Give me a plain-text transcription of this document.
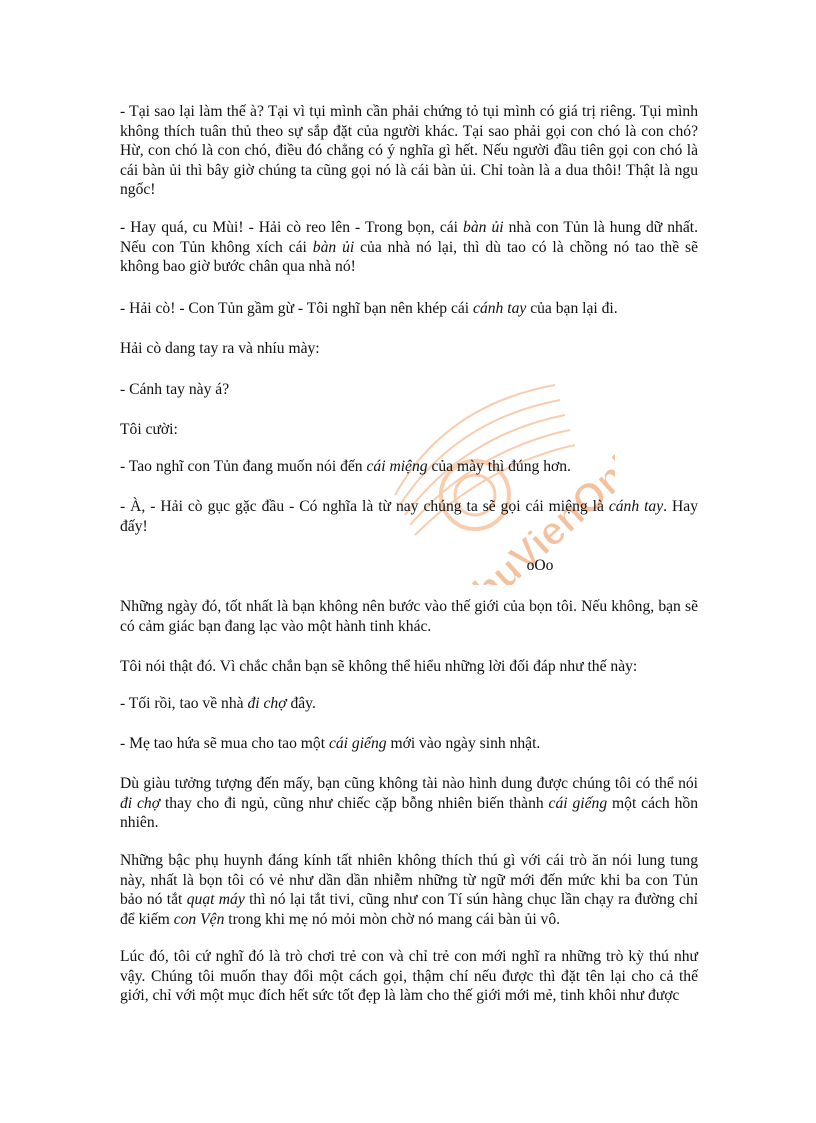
ThuVienOnline

- Tại sao lại làm thế à? Tại vì tụi mình cần phải chứng tỏ tụi mình có giá trị riêng. Tụi mình không thích tuân thủ theo sự sắp đặt của người khác. Tại sao phải gọi con chó là con chó? Hừ, con chó là con chó, điều đó chẳng có ý nghĩa gì hết. Nếu người đầu tiên gọi con chó là cái bàn ủi thì bây giờ chúng ta cũng gọi nó là cái bàn ủi. Chỉ toàn là a dua thôi! Thật là ngu ngốc!

- Hay quá, cu Mùi! - Hải cò reo lên - Trong bọn, cái bàn ủi nhà con Tủn là hung dữ nhất. Nếu con Tủn không xích cái bàn ủi của nhà nó lại, thì dù tao có là chồng nó tao thề sẽ không bao giờ bước chân qua nhà nó!

- Hải cò! - Con Tủn gầm gừ - Tôi nghĩ bạn nên khép cái cánh tay của bạn lại đi.

Hải cò dang tay ra và nhíu mày:

- Cánh tay này á?

Tôi cười:

- Tao nghĩ con Tủn đang muốn nói đến cái miệng của mày thì đúng hơn.

- À, - Hải cò gục gặc đầu - Có nghĩa là từ nay chúng ta sẽ gọi cái miệng là cánh tay. Hay đấy!

oOo

Những ngày đó, tốt nhất là bạn không nên bước vào thế giới của bọn tôi. Nếu không, bạn sẽ có cảm giác bạn đang lạc vào một hành tinh khác.

Tôi nói thật đó. Vì chắc chắn bạn sẽ không thể hiểu những lời đối đáp như thế này:

- Tối rồi, tao về nhà đi chợ đây.

- Mẹ tao hứa sẽ mua cho tao một cái giếng mới vào ngày sinh nhật.

Dù giàu tưởng tượng đến mấy, bạn cũng không tài nào hình dung được chúng tôi có thể nói đi chợ thay cho đi ngủ, cũng như chiếc cặp bỗng nhiên biến thành cái giếng một cách hồn nhiên.

Những bậc phụ huynh đáng kính tất nhiên không thích thú gì với cái trò ăn nói lung tung này, nhất là bọn tôi có vẻ như dần dần nhiễm những từ ngữ mới đến mức khi ba con Tủn bảo nó tắt quạt máy thì nó lại tắt tivi, cũng như con Tí sún hàng chục lần chạy ra đường chỉ để kiếm con Vện trong khi mẹ nó mỏi mòn chờ nó mang cái bàn ủi vô.

Lúc đó, tôi cứ nghĩ đó là trò chơi trẻ con và chỉ trẻ con mới nghĩ ra những trò kỳ thú như vậy. Chúng tôi muốn thay đổi một cách gọi, thậm chí nếu được thì đặt tên lại cho cả thế giới, chỉ với một mục đích hết sức tốt đẹp là làm cho thế giới mới mẻ, tinh khôi như được
